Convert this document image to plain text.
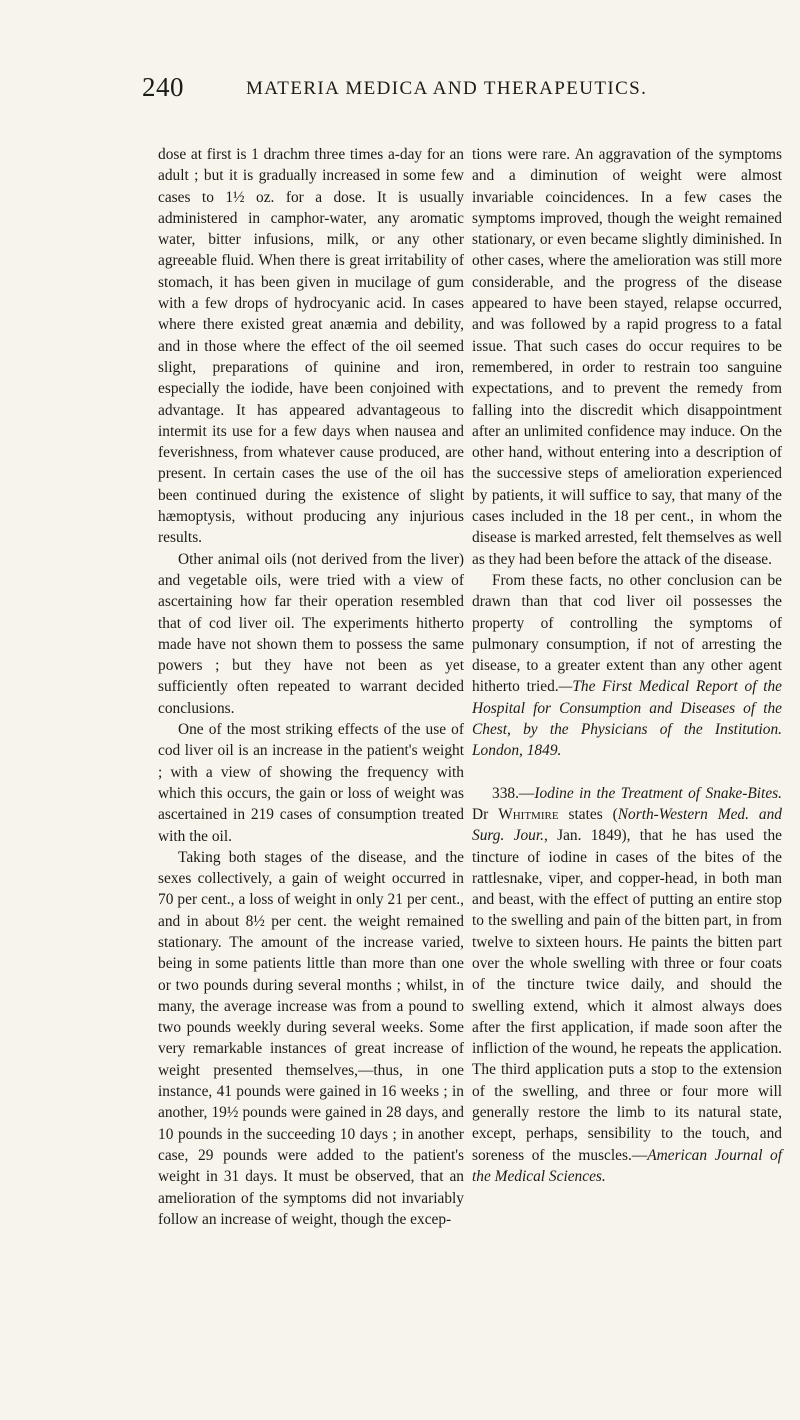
240	MATERIA MEDICA AND THERAPEUTICS.

dose at first is 1 drachm three times a-day for an adult ; but it is gradually increased in some few cases to 1½ oz. for a dose. It is usually administered in camphor-water, any aromatic water, bitter infusions, milk, or any other agreeable fluid. When there is great irritability of stomach, it has been given in mucilage of gum with a few drops of hydrocyanic acid. In cases where there existed great anæmia and debility, and in those where the effect of the oil seemed slight, preparations of quinine and iron, especially the iodide, have been conjoined with advantage. It has appeared advantageous to intermit its use for a few days when nausea and feverishness, from whatever cause produced, are present. In certain cases the use of the oil has been continued during the existence of slight hæmoptysis, without producing any injurious results.

Other animal oils (not derived from the liver) and vegetable oils, were tried with a view of ascertaining how far their operation resembled that of cod liver oil. The experiments hitherto made have not shown them to possess the same powers ; but they have not been as yet sufficiently often repeated to warrant decided conclusions.

One of the most striking effects of the use of cod liver oil is an increase in the patient's weight ; with a view of showing the frequency with which this occurs, the gain or loss of weight was ascertained in 219 cases of consumption treated with the oil.

Taking both stages of the disease, and the sexes collectively, a gain of weight occurred in 70 per cent., a loss of weight in only 21 per cent., and in about 8½ per cent. the weight remained stationary. The amount of the increase varied, being in some patients little than more than one or two pounds during several months ; whilst, in many, the average increase was from a pound to two pounds weekly during several weeks. Some very remarkable instances of great increase of weight presented themselves,—thus, in one instance, 41 pounds were gained in 16 weeks ; in another, 19½ pounds were gained in 28 days, and 10 pounds in the succeeding 10 days ; in another case, 29 pounds were added to the patient's weight in 31 days. It must be observed, that an amelioration of the symptoms did not invariably follow an increase of weight, though the excep-

tions were rare. An aggravation of the symptoms and a diminution of weight were almost invariable coincidences. In a few cases the symptoms improved, though the weight remained stationary, or even became slightly diminished. In other cases, where the amelioration was still more considerable, and the progress of the disease appeared to have been stayed, relapse occurred, and was followed by a rapid progress to a fatal issue. That such cases do occur requires to be remembered, in order to restrain too sanguine expectations, and to prevent the remedy from falling into the discredit which disappointment after an unlimited confidence may induce. On the other hand, without entering into a description of the successive steps of amelioration experienced by patients, it will suffice to say, that many of the cases included in the 18 per cent., in whom the disease is marked arrested, felt themselves as well as they had been before the attack of the disease.

From these facts, no other conclusion can be drawn than that cod liver oil possesses the property of controlling the symptoms of pulmonary consumption, if not of arresting the disease, to a greater extent than any other agent hitherto tried.—The First Medical Report of the Hospital for Consumption and Diseases of the Chest, by the Physicians of the Institution. London, 1849.

338.—Iodine in the Treatment of Snake-Bites. Dr Whitmire states (North-Western Med. and Surg. Jour., Jan. 1849), that he has used the tincture of iodine in cases of the bites of the rattlesnake, viper, and copper-head, in both man and beast, with the effect of putting an entire stop to the swelling and pain of the bitten part, in from twelve to sixteen hours. He paints the bitten part over the whole swelling with three or four coats of the tincture twice daily, and should the swelling extend, which it almost always does after the first application, if made soon after the infliction of the wound, he repeats the application. The third application puts a stop to the extension of the swelling, and three or four more will generally restore the limb to its natural state, except, perhaps, sensibility to the touch, and soreness of the muscles.—American Journal of the Medical Sciences.
